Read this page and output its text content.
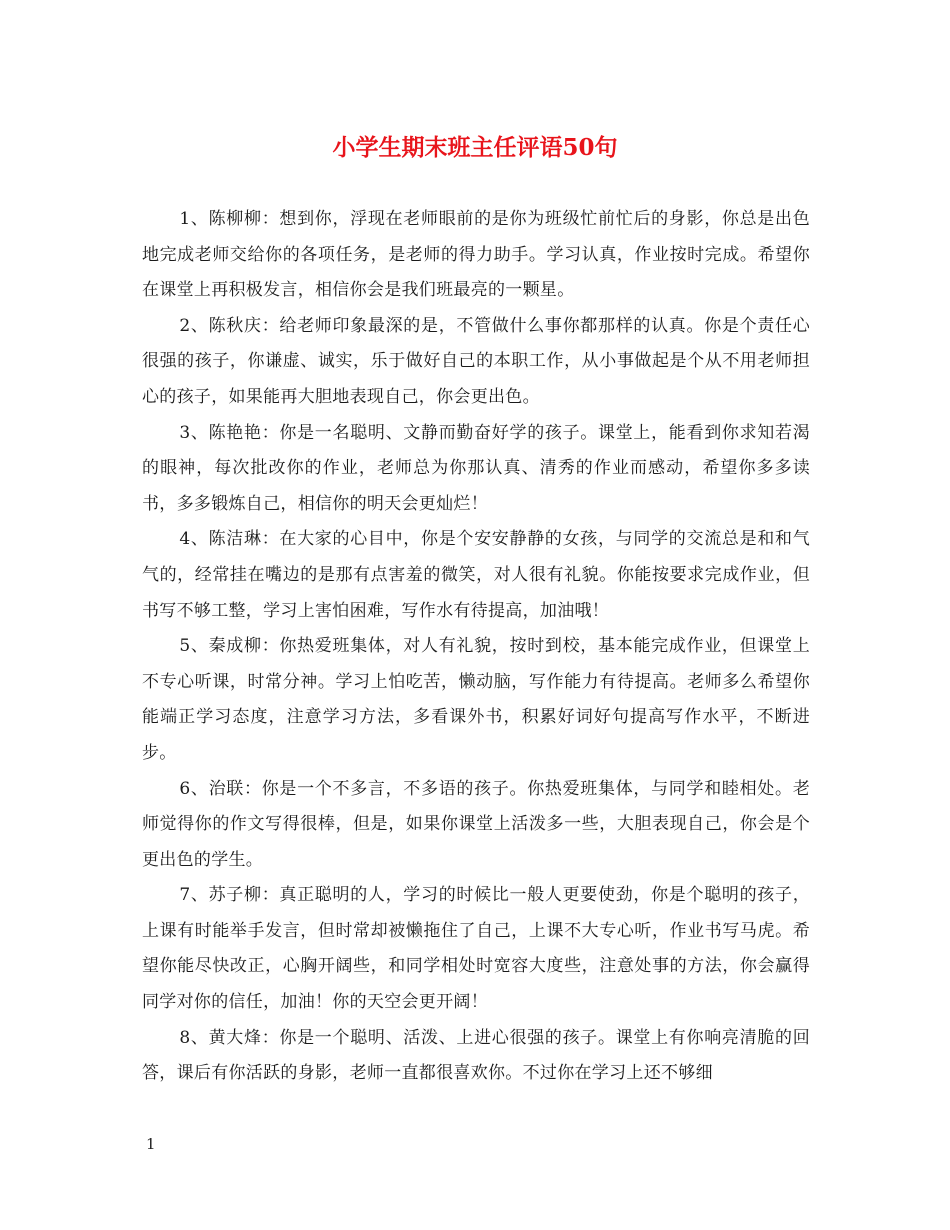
小学生期末班主任评语50句

1、陈柳柳：想到你，浮现在老师眼前的是你为班级忙前忙后的身影，你总是出色地完成老师交给你的各项任务，是老师的得力助手。学习认真，作业按时完成。希望你在课堂上再积极发言，相信你会是我们班最亮的一颗星。

2、陈秋庆：给老师印象最深的是，不管做什么事你都那样的认真。你是个责任心很强的孩子，你谦虚、诚实，乐于做好自己的本职工作，从小事做起是个从不用老师担心的孩子，如果能再大胆地表现自己，你会更出色。

3、陈艳艳：你是一名聪明、文静而勤奋好学的孩子。课堂上，能看到你求知若渴的眼神，每次批改你的作业，老师总为你那认真、清秀的作业而感动，希望你多多读书，多多锻炼自己，相信你的明天会更灿烂！

4、陈洁琳：在大家的心目中，你是个安安静静的女孩，与同学的交流总是和和气气的，经常挂在嘴边的是那有点害羞的微笑，对人很有礼貌。你能按要求完成作业，但书写不够工整，学习上害怕困难，写作水有待提高，加油哦！

5、秦成柳：你热爱班集体，对人有礼貌，按时到校，基本能完成作业，但课堂上不专心听课，时常分神。学习上怕吃苦，懒动脑，写作能力有待提高。老师多么希望你能端正学习态度，注意学习方法，多看课外书，积累好词好句提高写作水平，不断进步。

6、治联：你是一个不多言，不多语的孩子。你热爱班集体，与同学和睦相处。老师觉得你的作文写得很棒，但是，如果你课堂上活泼多一些，大胆表现自己，你会是个更出色的学生。

7、苏子柳：真正聪明的人，学习的时候比一般人更要使劲，你是个聪明的孩子，上课有时能举手发言，但时常却被懒拖住了自己，上课不大专心听，作业书写马虎。希望你能尽快改正，心胸开阔些，和同学相处时宽容大度些，注意处事的方法，你会赢得同学对你的信任，加油！你的天空会更开阔！

8、黄大烽：你是一个聪明、活泼、上进心很强的孩子。课堂上有你响亮清脆的回答，课后有你活跃的身影，老师一直都很喜欢你。不过你在学习上还不够细

1
